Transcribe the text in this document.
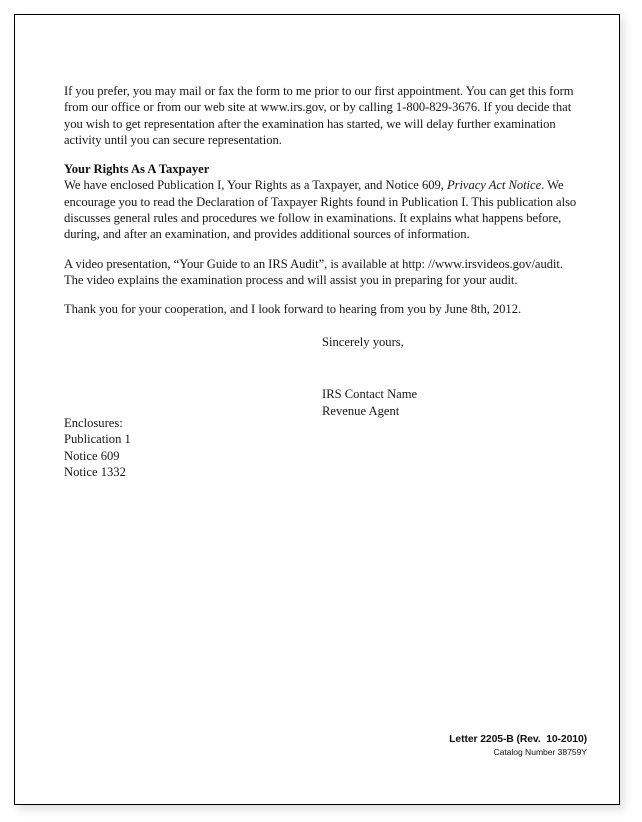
If you prefer, you may mail or fax the form to me prior to our first appointment. You can get this form from our office or from our web site at www.irs.gov, or by calling 1-800-829-3676. If you decide that you wish to get representation after the examination has started, we will delay further examination activity until you can secure representation.

Your Rights As A Taxpayer

We have enclosed Publication I, Your Rights as a Taxpayer, and Notice 609, Privacy Act Notice. We encourage you to read the Declaration of Taxpayer Rights found in Publication I. This publication also discusses general rules and procedures we follow in examinations. It explains what happens before, during, and after an examination, and provides additional sources of information.

A video presentation, “Your Guide to an IRS Audit”, is available at http: //www.irsvideos.gov/audit. The video explains the examination process and will assist you in preparing for your audit.

Thank you for your cooperation, and I look forward to hearing from you by June 8th, 2012.

Sincerely yours,
IRS Contact Name
Revenue Agent
Enclosures:
Publication 1
Notice 609
Notice 1332
Letter 2205-B (Rev.  10-2010)
Catalog Number 38759Y
